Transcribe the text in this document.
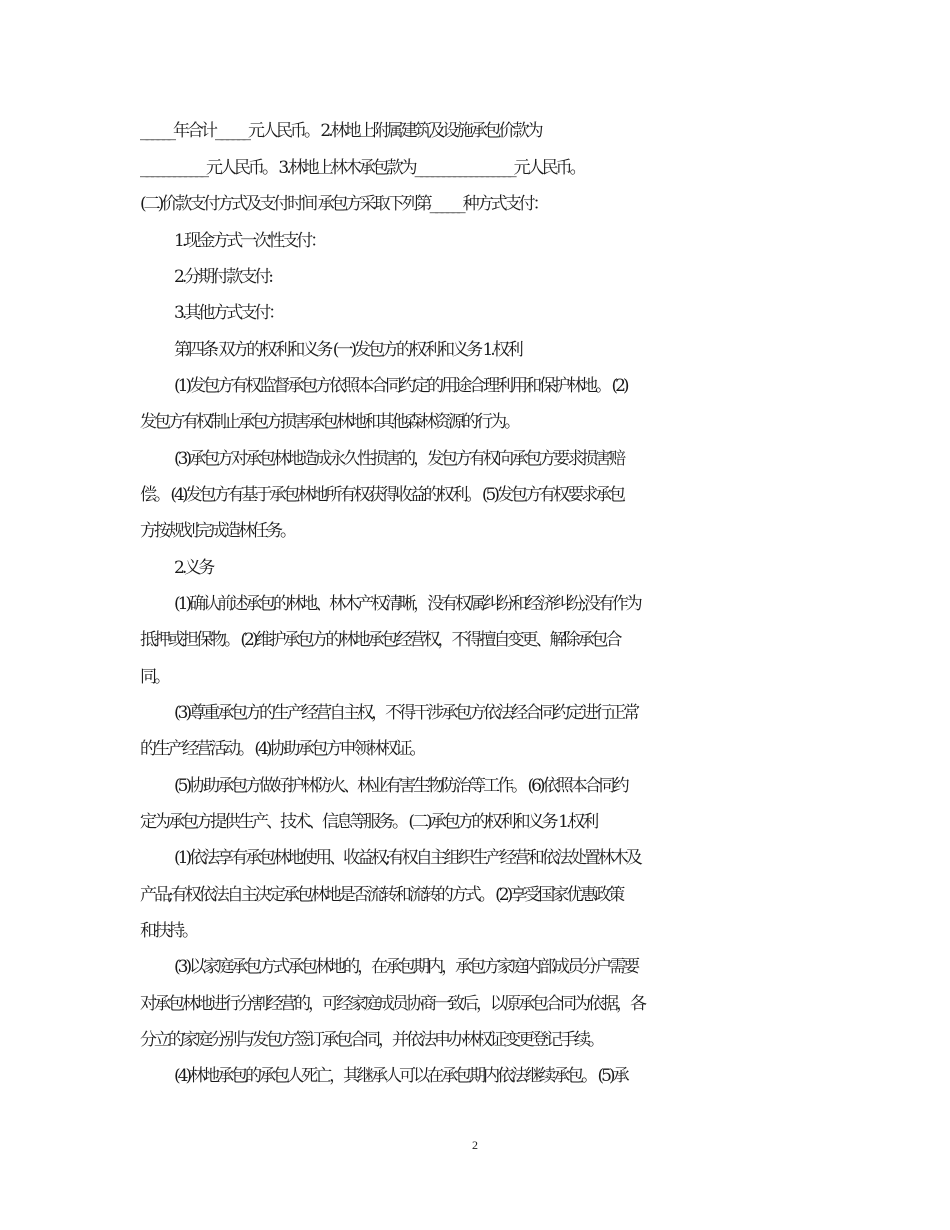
______年合计______元人民币。 2.林地上附属建筑及设施承包价款为
____________元人民币。 3.林地上林木承包款为__________________元人民币。
(二)价款支付方式及支付时间 承包方采取下列第______种方式支付：
1.现金方式一次性支付：
2.分期付款支付:
3.其他方式支付：
第四条 双方的权利和义务 (一)发包方的权利和义务 1.权利
(1)发包方有权监督承包方依照本合同约定的用途合理利用和保护林地。 (2)
发包方有权制止承包方损害承包林地和其他森林资源的行为。
(3)承包方对承包林地造成永久性损害的，发包方有权向承包方要求损害赔
偿。 (4)发包方有基于承包林地所有权获得收益的权利。 (5)发包方有权要求承包
方按规划完成造林任务。
2.义务
(1)确认前述承包的林地、林木产权清晰，没有权属纠纷和经济纠纷;没有作为
抵押或担保物。 (2)维护承包方的林地承包经营权，不得擅自变更、解除承包合
同。
(3)尊重承包方的生产经营自主权，不得干涉承包方依法经合同约定进行正常
的生产经营活动。 (4)协助承包方申领林权证。
(5)协助承包方做好护林防火、林业有害生物防治等工作。 (6)依照本合同约
定为承包方提供生产、技术、信息等服务。 (二)承包方的权利和义务 1.权利
(1)依法享有承包林地使用、收益权;有权自主组织生产经营和依法处置林木及
产品;有权依法自主决定承包林地是否流转和流转的方式。 (2)享受国家优惠政策
和扶持。
(3)以家庭承包方式承包林地的，在承包期内，承包方家庭内部成员分户需要
对承包林地进行分割经营的，可经家庭成员协商一致后，以原承包合同为依据，各
分立的家庭分别与发包方签订承包合同，并依法申办林权证变更登记手续。
(4)林地承包的承包人死亡，其继承人可以在承包期内依法继续承包。 (5)承
2
